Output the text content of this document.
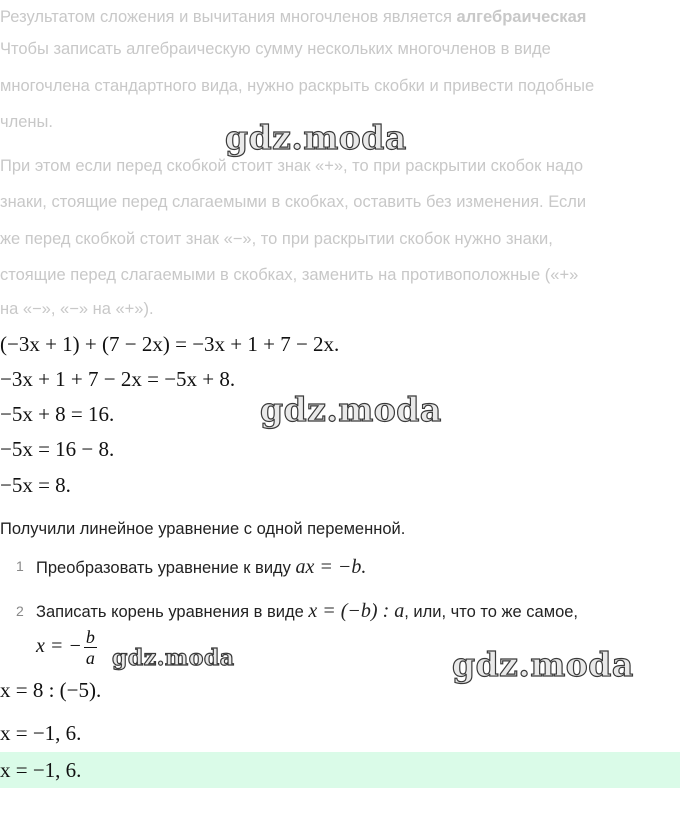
Результатом сложения и вычитания многочленов является алгебраическая
Чтобы записать алгебраическую сумму нескольких многочленов в виде
многочлена стандартного вида, нужно раскрыть скобки и привести подобные
члены.
При этом если перед скобкой стоит знак «+», то при раскрытии скобок надо
знаки, стоящие перед слагаемыми в скобках, оставить без изменения. Если
же перед скобкой стоит знак «−», то при раскрытии скобок нужно знаки,
стоящие перед слагаемыми в скобках, заменить на противоположные («+»
на «−», «−» на «+»).
(−3x + 1) + (7 − 2x) = −3x + 1 + 7 − 2x.
−3x + 1 + 7 − 2x = −5x + 8.
−5x + 8 = 16.
−5x = 16 − 8.
−5x = 8.
Получили линейное уравнение с одной переменной.
1 Преобразовать уравнение к виду ax = −b.
2 Записать корень уравнения в виде x = (−b) : a, или, что то же самое,
x = − $\frac{b}{a}$
x = 8 : (−5).
x = −1, 6.
x = −1, 6.
gdz.moda
gdz.moda
gdz.moda	gdz.moda
